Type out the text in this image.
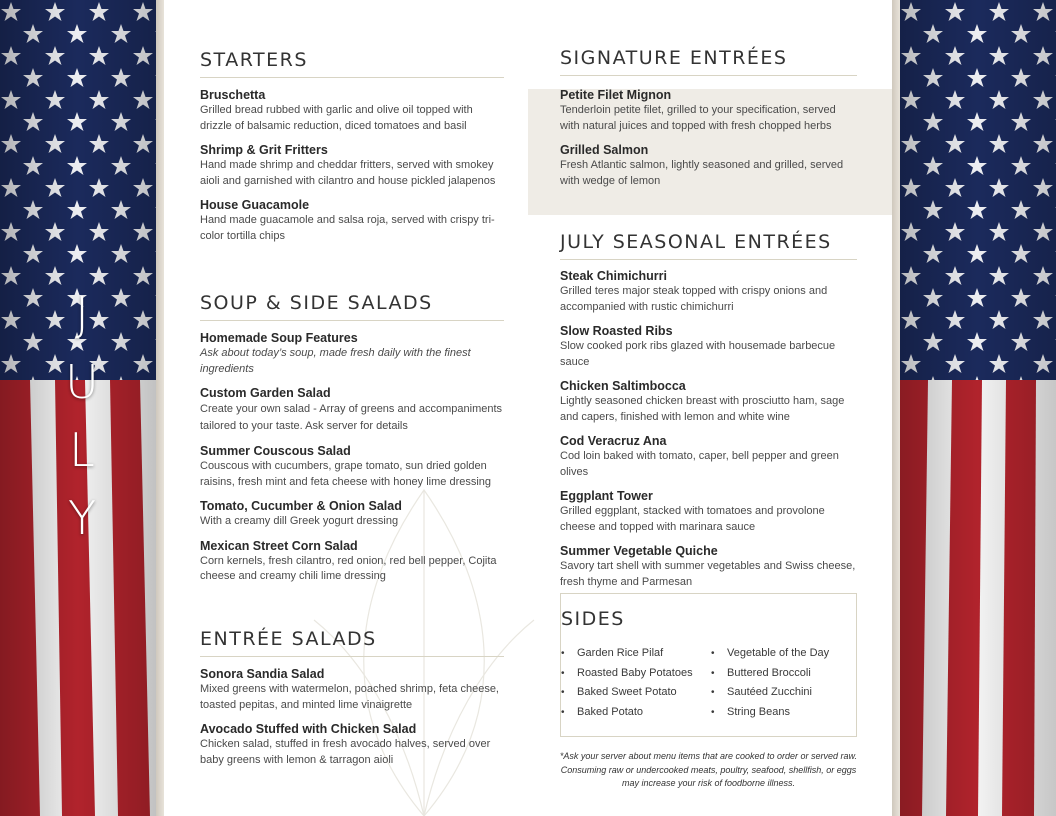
J
U
L
Y
STARTERS
Bruschetta
Grilled bread rubbed with garlic and olive oil topped with drizzle of balsamic reduction, diced tomatoes and basil
Shrimp & Grit Fritters
Hand made shrimp and cheddar fritters, served with smokey aioli and garnished with cilantro and house pickled jalapenos
House Guacamole
Hand made guacamole and salsa roja, served with crispy tri-color tortilla chips
SOUP & SIDE SALADS
Homemade Soup Features
Ask about today’s soup, made fresh daily with the finest ingredients
Custom Garden Salad
Create your own salad - Array of greens and accompaniments tailored to your taste. Ask server for details
Summer Couscous Salad
Couscous with cucumbers, grape tomato, sun dried golden raisins, fresh mint and feta cheese with honey lime dressing
Tomato, Cucumber & Onion Salad
With a creamy dill Greek yogurt dressing
Mexican Street Corn Salad
Corn kernels, fresh cilantro, red onion, red bell pepper, Cojita cheese and creamy chili lime dressing
ENTRÉE SALADS
Sonora Sandia Salad
Mixed greens with watermelon, poached shrimp, feta cheese, toasted pepitas, and minted lime vinaigrette
Avocado Stuffed with Chicken Salad
Chicken salad, stuffed in fresh avocado halves, served over baby greens with lemon & tarragon aioli
SIGNATURE ENTRÉES
Petite Filet Mignon
Tenderloin petite filet, grilled to your specification, served with natural juices and topped with fresh chopped herbs
Grilled Salmon
Fresh Atlantic salmon, lightly seasoned and grilled, served with wedge of lemon
JULY SEASONAL ENTRÉES
Steak Chimichurri
Grilled teres major steak topped with crispy onions and accompanied with rustic chimichurri
Slow Roasted Ribs
Slow cooked pork ribs glazed with housemade barbecue sauce
Chicken Saltimbocca
Lightly seasoned chicken breast with prosciutto ham, sage and capers, finished with lemon and white wine
Cod Veracruz Ana
Cod loin baked with tomato, caper, bell pepper and green olives
Eggplant Tower
Grilled eggplant, stacked with tomatoes and provolone cheese and topped with marinara sauce
Summer Vegetable Quiche
Savory tart shell with summer vegetables and Swiss cheese, fresh thyme and Parmesan
SIDES
• Garden Rice Pilaf
• Roasted Baby Potatoes
• Baked Sweet Potato
• Baked Potato
• Vegetable of the Day
• Buttered Broccoli
• Sautéed Zucchini
• String Beans
*Ask your server about menu items that are cooked to order or served raw. Consuming raw or undercooked meats, poultry, seafood, shellfish, or eggs may increase your risk of foodborne illness.
